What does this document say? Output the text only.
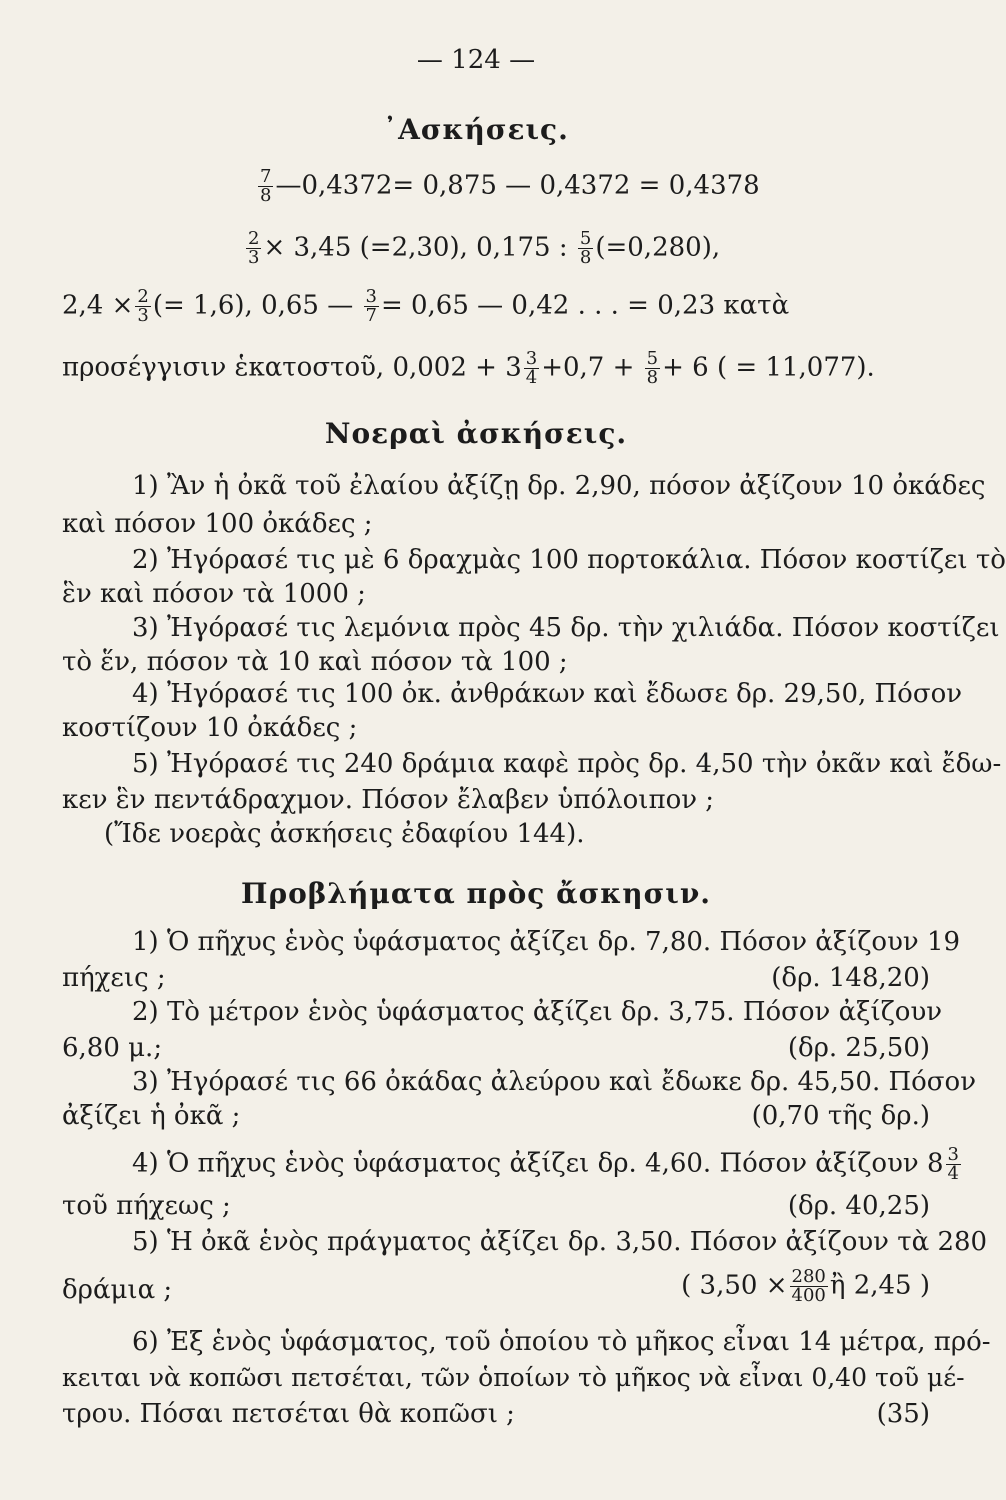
— 124 —
᾿Ασκήσεις.
$\frac{7}{8}$ —0,4372= 0,875 — 0,4372 = 0,4378
$\frac{2}{3} \times 3,45$ (=2,30), 0,175 : $\frac{5}{8} (=0,280)$,
$2,4 \times \frac{2}{3}$ (= 1,6), 0,65 — $\frac{3}{7} = 0,65$ — 0,42 . . . = 0,23 κατὰ
προσέγγισιν ἑκατοστοῦ, $0,002 + 3 \frac{3}{4} +0,7 + \frac{5}{8} + 6$ ( = 11,077).
Νοεραὶ ἀσκήσεις.
1) Ἂν ἡ ὀκᾶ τοῦ ἐλαίου ἀξίζῃ δρ. 2,90, πόσον ἀξίζουν 10 ὀκάδες
καὶ πόσον 100 ὀκάδες ;
2) Ἠγόρασέ τις μὲ 6 δραχμὰς 100 πορτοκάλια. Πόσον κοστίζει τὸ
ἓν καὶ πόσον τὰ 1000 ;
3) Ἠγόρασέ τις λεμόνια πρὸς 45 δρ. τὴν χιλιάδα. Πόσον κοστίζει
τὸ ἕν, πόσον τὰ 10 καὶ πόσον τὰ 100 ;
4) Ἠγόρασέ τις 100 ὀκ. ἀνθράκων καὶ ἔδωσε δρ. 29,50, Πόσον
κοστίζουν 10 ὀκάδες ;
5) Ἠγόρασέ τις 240 δράμια καφὲ πρὸς δρ. 4,50 τὴν ὀκᾶν καὶ ἔδω-
κεν ἓν πεντάδραχμον. Πόσον ἔλαβεν ὑπόλοιπον ;
(Ἴδε νοερὰς ἀσκήσεις ἐδαφίου 144).
Προβλήματα πρὸς ἄσκησιν.
1) Ὁ πῆχυς ἑνὸς ὑφάσματος ἀξίζει δρ. 7,80. Πόσον ἀξίζουν 19
πήχεις ;	(δρ. 148,20)
2) Τὸ μέτρον ἑνὸς ὑφάσματος ἀξίζει δρ. 3,75. Πόσον ἀξίζουν
6,80 μ.;	(δρ. 25,50)
3) Ἠγόρασέ τις 66 ὀκάδας ἀλεύρου καὶ ἔδωκε δρ. 45,50. Πόσον
ἀξίζει ἡ ὀκᾶ ;	(0,70 τῆς δρ.)
4) Ὁ πῆχυς ἑνὸς ὑφάσματος ἀξίζει δρ. 4,60. Πόσον ἀξίζουν $8 \frac{3}{4}$
τοῦ πήχεως ;	(δρ. 40,25)
5) Ἡ ὀκᾶ ἑνὸς πράγματος ἀξίζει δρ. 3,50. Πόσον ἀξίζουν τὰ 280
δράμια ;	( $3,50 \times \frac{280}{400}$ ἢ 2,45 )
6) Ἐξ ἑνὸς ὑφάσματος, τοῦ ὁποίου τὸ μῆκος εἶναι 14 μέτρα, πρό-
κειται νὰ κοπῶσι πετσέται, τῶν ὁποίων τὸ μῆκος νὰ εἶναι 0,40 τοῦ μέ-
τρου. Πόσαι πετσέται θὰ κοπῶσι ;	(35)
